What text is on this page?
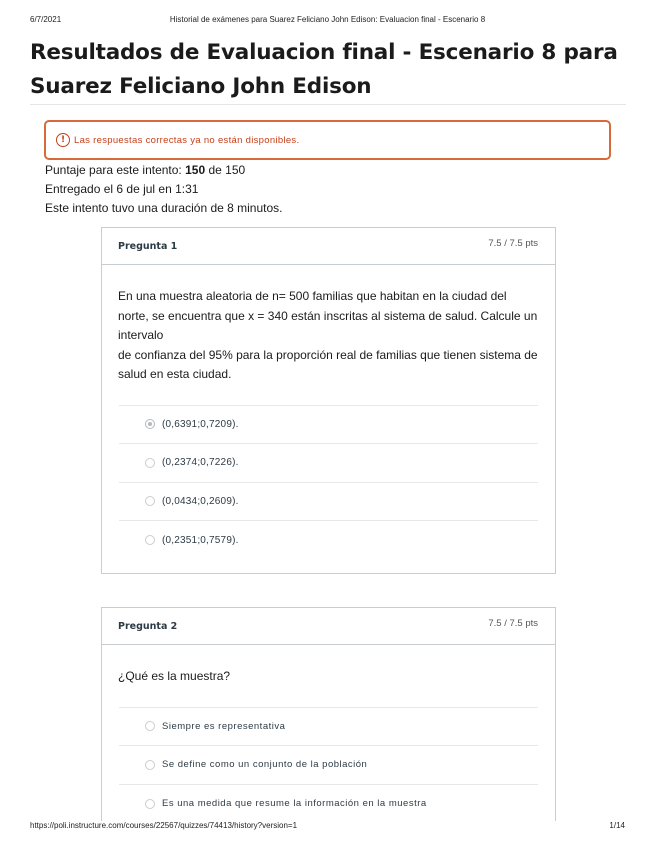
6/7/2021	Historial de exámenes para Suarez Feliciano John Edison: Evaluacion final - Escenario 8
Resultados de Evaluacion final - Escenario 8 para Suarez Feliciano John Edison
! Las respuestas correctas ya no están disponibles.
Puntaje para este intento: 150 de 150
Entregado el 6 de jul en 1:31
Este intento tuvo una duración de 8 minutos.
Pregunta 1	7.5 / 7.5 pts
En una muestra aleatoria de n= 500 familias que habitan en la ciudad del norte, se encuentra que x = 340 están inscritas al sistema de salud. Calcule un intervalo
de confianza del 95% para la proporción real de familias que tienen sistema de salud en esta ciudad.
(0,6391;0,7209).
(0,2374;0,7226).
(0,0434;0,2609).
(0,2351;0,7579).
Pregunta 2	7.5 / 7.5 pts
¿Qué es la muestra?
Siempre es representativa
Se define como un conjunto de la población
Es una medida que resume la información en la muestra
https://poli.instructure.com/courses/22567/quizzes/74413/history?version=1	1/14
